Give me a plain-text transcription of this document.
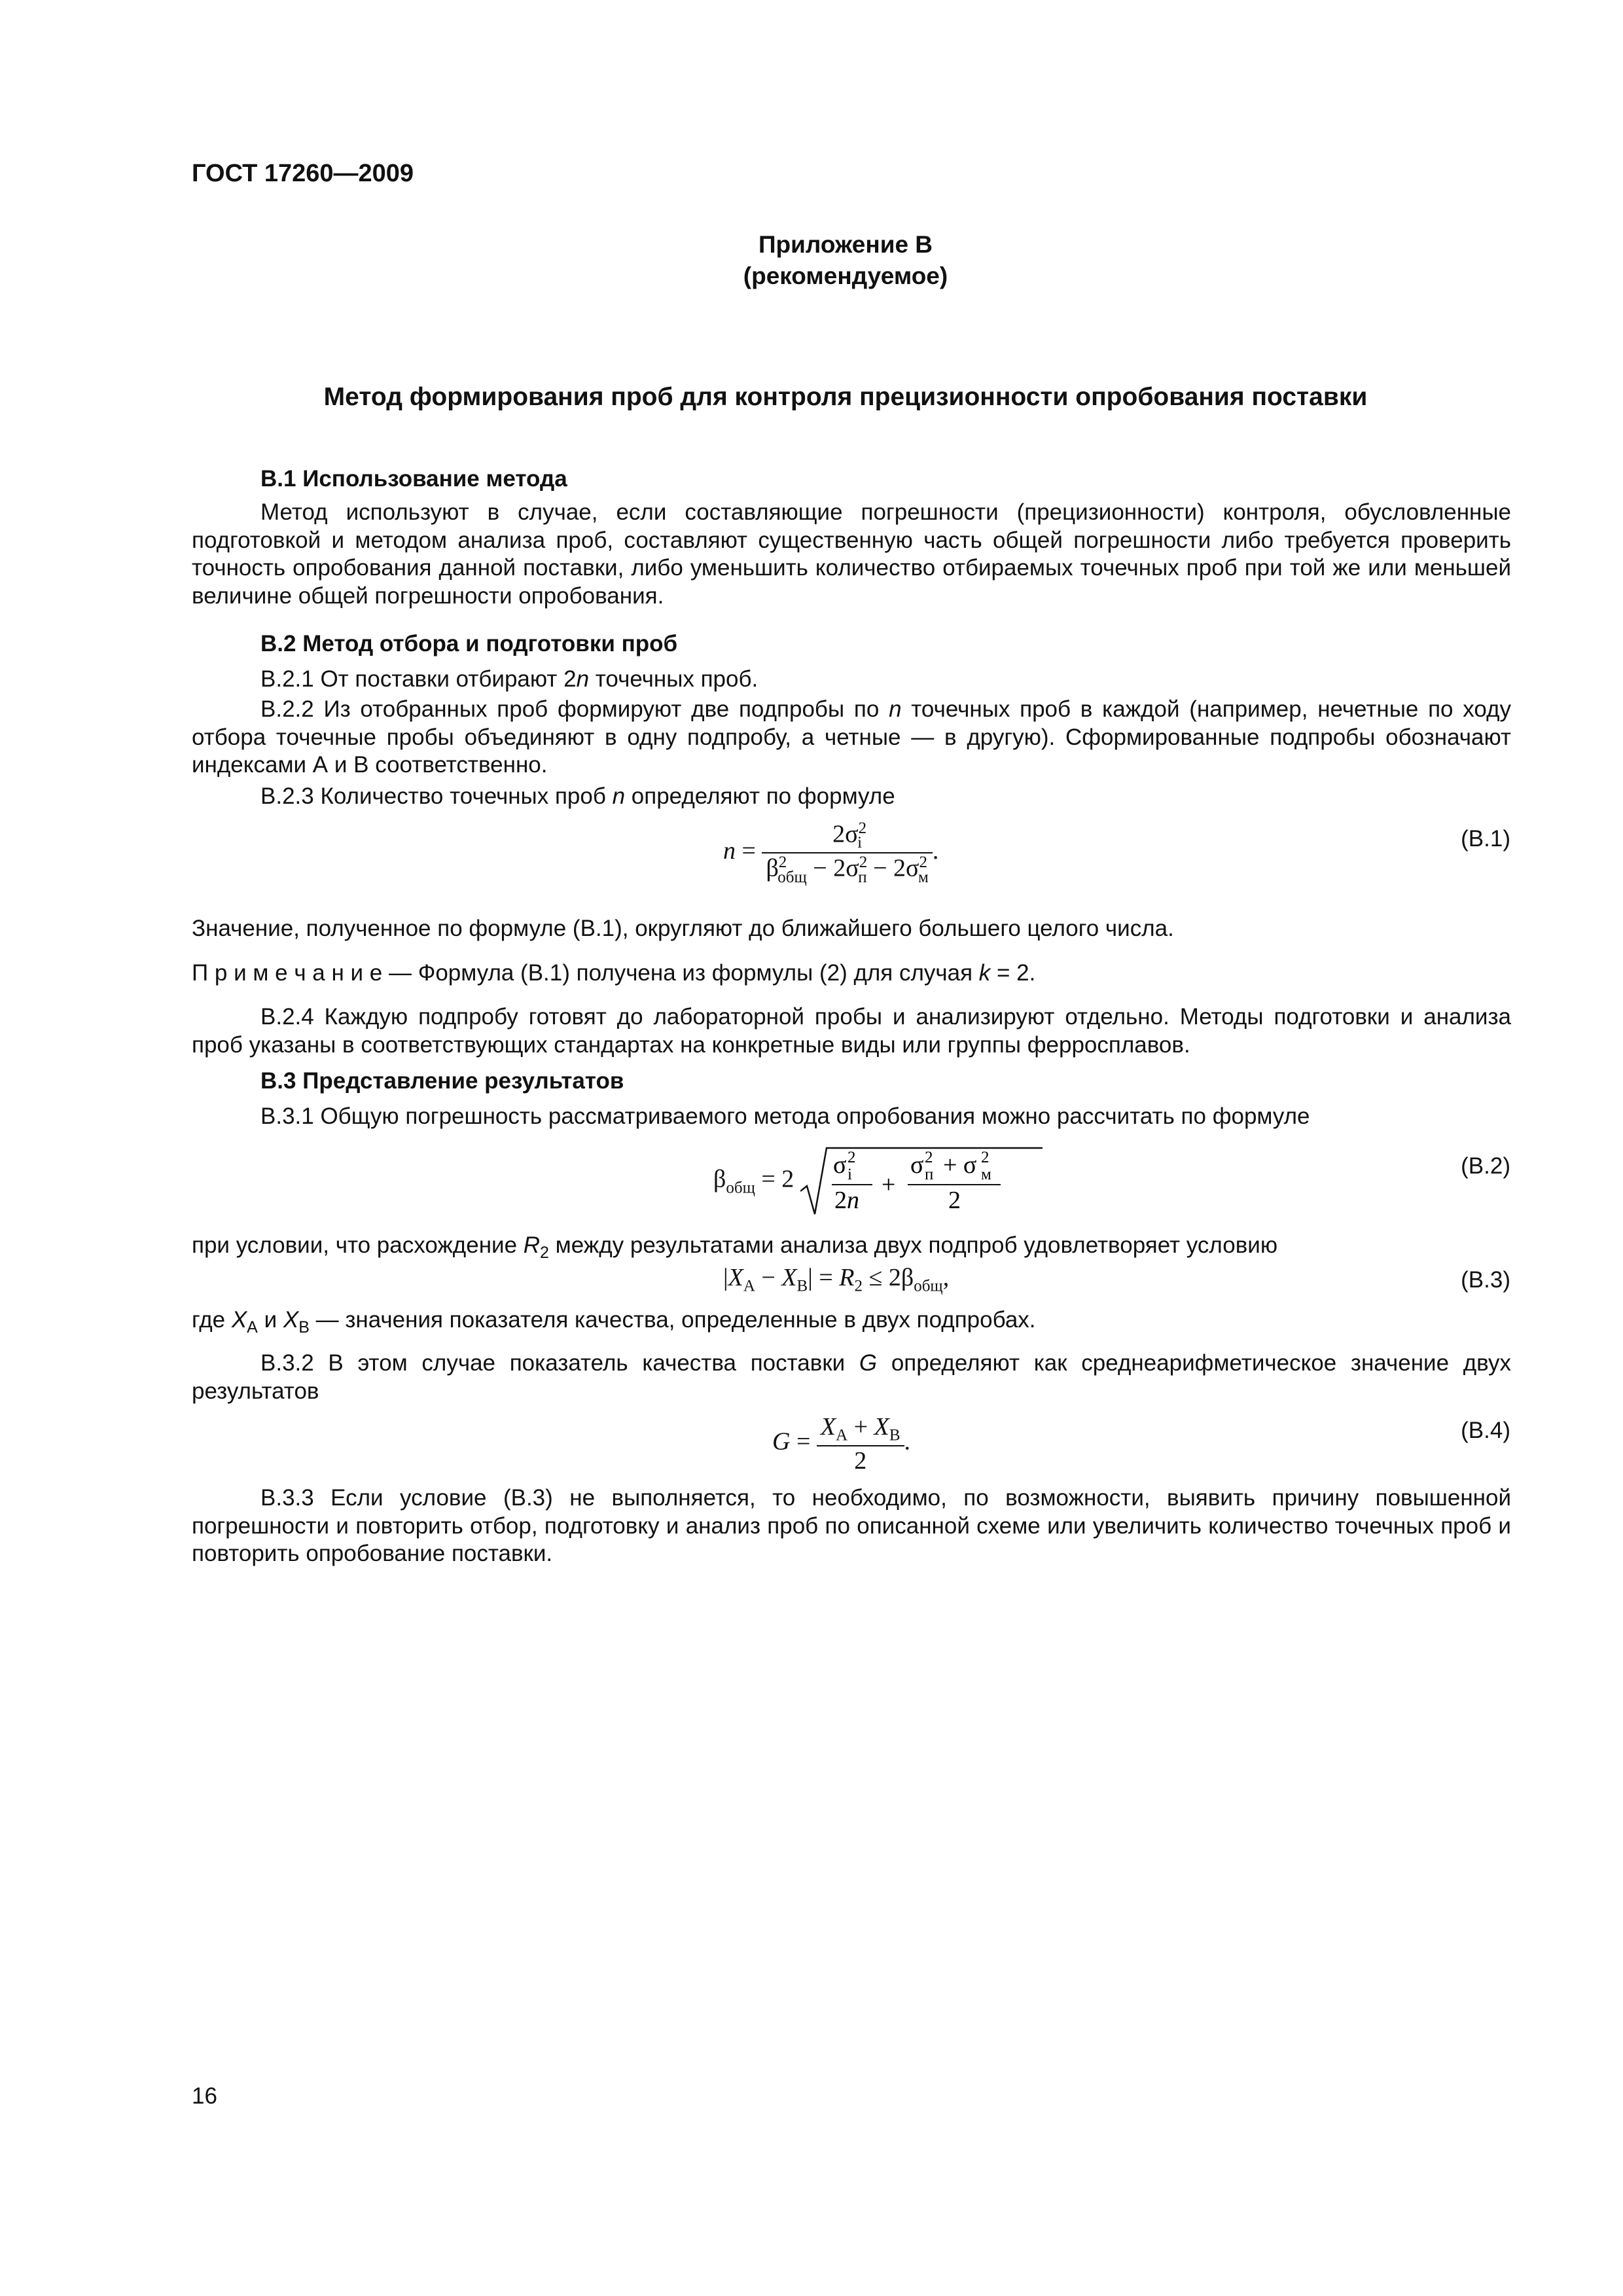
ГОСТ 17260—2009
Приложение В
(рекомендуемое)
Метод формирования проб для контроля прецизионности опробования поставки
В.1 Использование метода
Метод используют в случае, если составляющие погрешности (прецизионности) контроля, обусловленные подготовкой и методом анализа проб, составляют существенную часть общей погрешности либо требуется проверить точность опробования данной поставки, либо уменьшить количество отбираемых точечных проб при той же или меньшей величине общей погрешности опробования.
В.2 Метод отбора и подготовки проб
В.2.1 От поставки отбирают 2n точечных проб.
В.2.2 Из отобранных проб формируют две подпробы по n точечных проб в каждой (например, нечетные по ходу отбора точечные пробы объединяют в одну подпробу, а четные — в другую). Сформированные подпробы обозначают индексами А и В соответственно.
В.2.3 Количество точечных проб n определяют по формуле
$n = \frac{2\sigma^2_i}{\beta^2_{общ} - 2\sigma^2_п - 2\sigma^2_м}$ .	(В.1)
Значение, полученное по формуле (В.1), округляют до ближайшего большего целого числа.
П р и м е ч а н и е — Формула (В.1) получена из формулы (2) для случая k = 2.
В.2.4 Каждую подпробу готовят до лабораторной пробы и анализируют отдельно. Методы подготовки и анализа проб указаны в соответствующих стандартах на конкретные виды или группы ферросплавов.
В.3 Представление результатов
В.3.1 Общую погрешность рассматриваемого метода опробования можно рассчитать по формуле
$\beta_{общ} = 2$
σ 2
i
2n
+
σ 2
п + σ 2
м
2
(В.2)
при условии, что расхождение $R_2$ между результатами анализа двух подпроб удовлетворяет условию
$|X_А - X_В| = R_2 \le 2\beta_{общ}$,	(В.3)
где $X_А$ и $X_В$ — значения показателя качества, определенные в двух подпробах.
В.3.2 В этом случае показатель качества поставки G определяют как среднеарифметическое значение двух результатов
$G = \frac{X_А + X_В}{2}$ .	(В.4)
В.3.3 Если условие (В.3) не выполняется, то необходимо, по возможности, выявить причину повышенной погрешности и повторить отбор, подготовку и анализ проб по описанной схеме или увеличить количество точечных проб и повторить опробование поставки.
16
